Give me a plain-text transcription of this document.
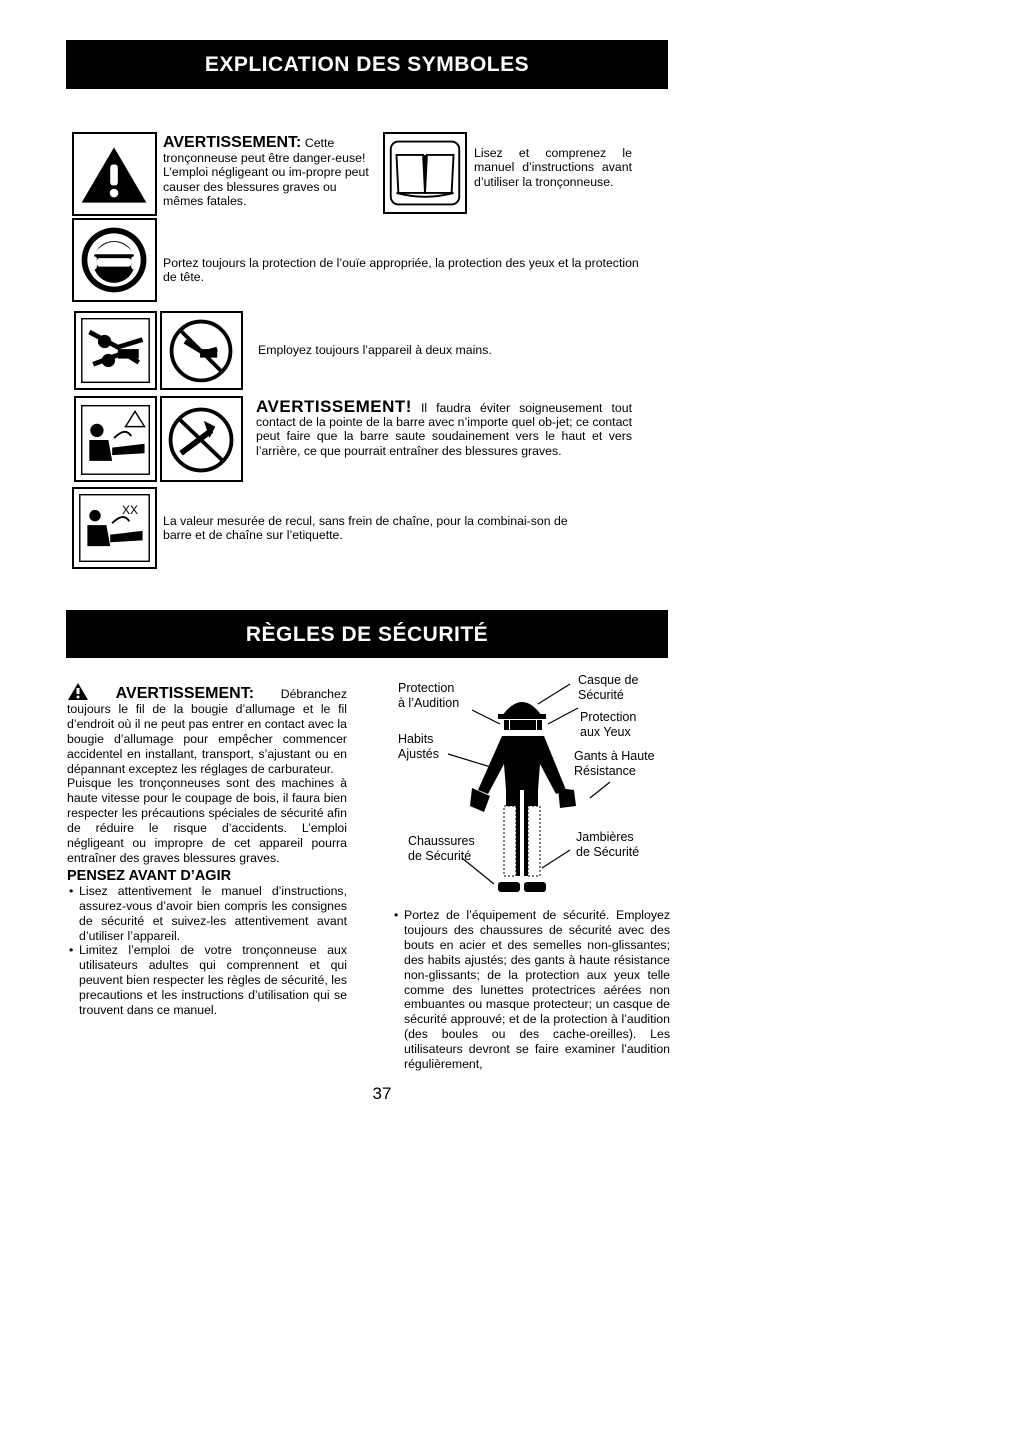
EXPLICATION DES SYMBOLES
AVERTISSEMENT: Cette tronçonneuse peut être danger-euse! L’emploi négligeant ou im-propre peut causer des blessures graves ou mêmes fatales.
Lisez et comprenez le manuel d’instructions avant d’utiliser la tronçonneuse.
Portez toujours la protection de l’ouïe appropriée, la protection des yeux et la protection de tête.
Employez toujours l’appareil à deux mains.
AVERTISSEMENT! Il faudra éviter soigneusement tout contact de la pointe de la barre avec n’importe quel ob-jet; ce contact peut faire que la barre saute soudainement vers le haut et vers l’arrière, ce que pourrait entraîner des blessures graves.
XX
La valeur mesurée de recul, sans frein de chaîne, pour la combinai-son de barre et de chaîne sur l’etiquette.
RÈGLES DE SÉCURITÉ
AVERTISSEMENT: Débranchez toujours le fil de la bougie d’allumage et le fil d’endroit où il ne peut pas entrer en contact avec la bougie d’allumage pour empêcher commencer accidentel en installant, transport, s’ajustant ou en dépannant exceptez les réglages de carburateur.
Puisque les tronçonneuses sont des machines à haute vitesse pour le coupage de bois, il faura bien respecter les précautions spéciales de sécurité afin de réduire le risque d’accidents. L’emploi négligeant ou impropre de cet appareil pourra entraîner des graves blessures graves.
PENSEZ AVANT D’AGIR
• Lisez attentivement le manuel d’instructions, assurez-vous d’avoir bien compris les consignes de sécurité et suivez-les attentivement avant d’utiliser l’appareil.
• Limitez l’emploi de votre tronçonneuse aux utilisateurs adultes qui comprennent et qui peuvent bien respecter les règles de sécurité, les precautions et les instructions d’utilisation qui se trouvent dans ce manuel.
Protection
à l’Audition
Casque de
Sécurité
Protection
aux Yeux
Habits
Ajustés	Gants à Haute
Résistance
Chaussures
de Sécurité
Jambières
de Sécurité
• Portez de l’équipement de sécurité. Employez toujours des chaussures de sécurité avec des bouts en acier et des semelles non-glissantes; des habits ajustés; des gants à haute résistance non-glissants; de la protection aux yeux telle comme des lunettes protectrices aérées non embuantes ou masque protecteur; un casque de sécurité approuvé; et de la protection à l’audition (des boules ou des cache-oreilles). Les utilisateurs devront se faire examiner l’audition régulièrement,
37
